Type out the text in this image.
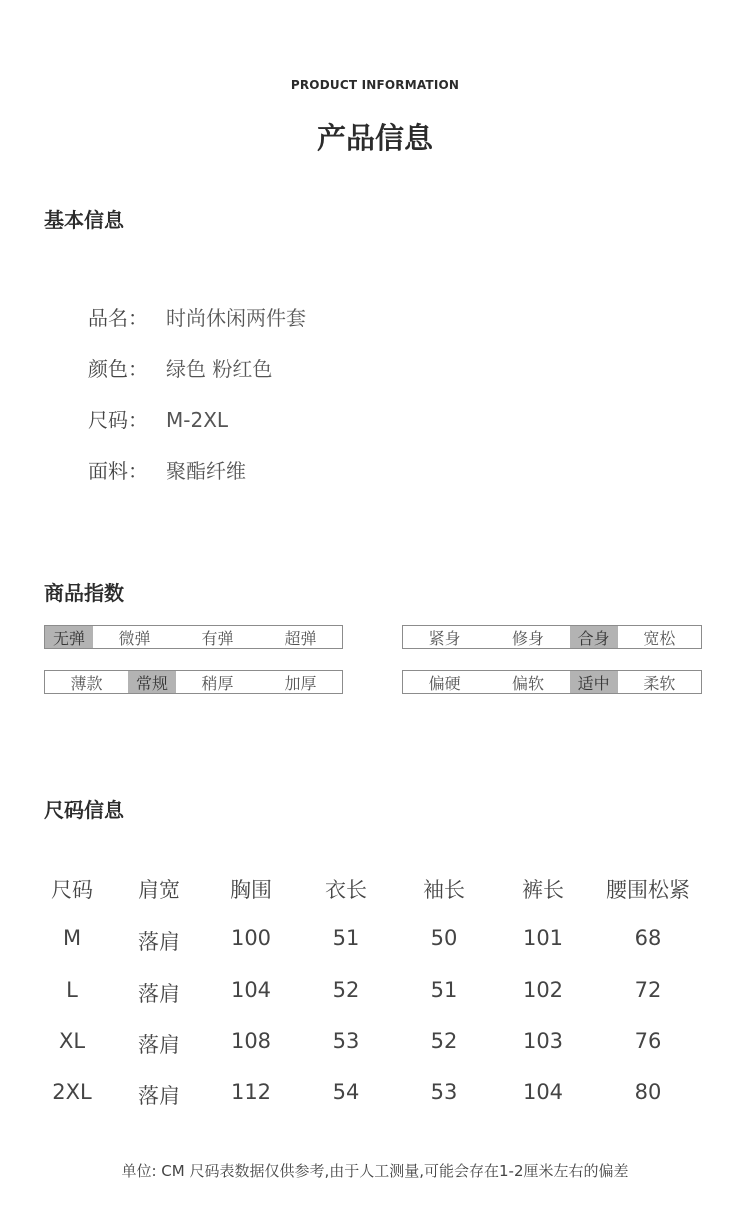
PRODUCT INFORMATION
产品信息
基本信息
品名： 时尚休闲两件套
颜色： 绿色 粉红色
尺码： M-2XL
面料： 聚酯纤维
商品指数
无弹	微弹	有弹	超弹	紧身	修身	合身	宽松
薄款	常规	稍厚	加厚	偏硬	偏软	适中	柔软
尺码信息
尺码 肩宽 胸围	衣长	袖长	裤长 腰围松紧
M	落肩 100	51	50	101	68
L	落肩 104	52	51	102	72
XL	落肩 108	53	52	103	76
2XL 落肩 112	54	53	104	80
单位: CM 尺码表数据仅供参考,由于人工测量,可能会存在1-2厘米左右的偏差
